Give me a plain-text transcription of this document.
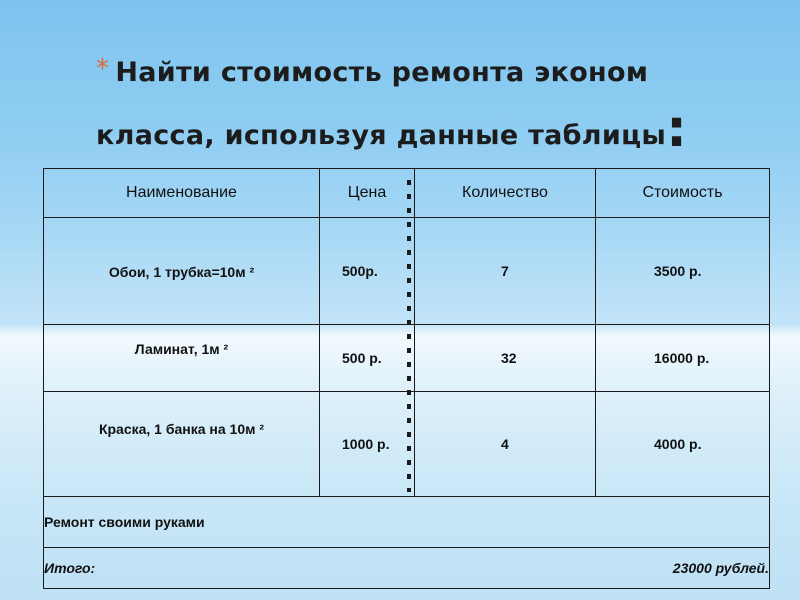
* Найти стоимость ремонта эконом
класса, используя данные таблицы:
Наименование	Цена	Количество	Стоимость

Обои, 1 трубка=10м ²	500р.	7	3500 р.

Ламинат, 1м ²	500 р.	32	16000 р.

Краска, 1 банка на 10м ²	1000 р.	4	4000 р.
Ремонт своими руками			

Итого: 23000 рублей.			
